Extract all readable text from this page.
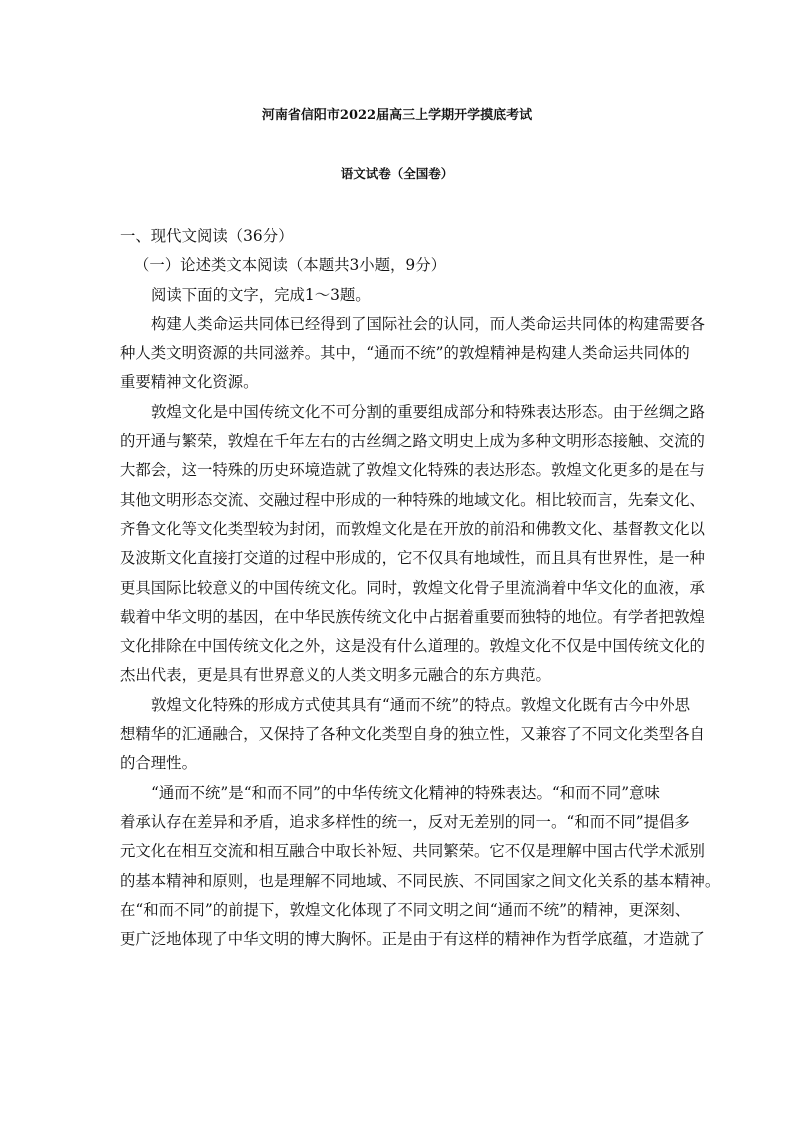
河南省信阳市2022届高三上学期开学摸底考试
语文试卷（全国卷）
一、现代文阅读（36分）
（一）论述类文本阅读（本题共3小题，9分）
阅读下面的文字，完成1～3题。
构建人类命运共同体已经得到了国际社会的认同，而人类命运共同体的构建需要各
种人类文明资源的共同滋养。其中，“通而不统”的敦煌精神是构建人类命运共同体的
重要精神文化资源。
敦煌文化是中国传统文化不可分割的重要组成部分和特殊表达形态。由于丝绸之路
的开通与繁荣，敦煌在千年左右的古丝绸之路文明史上成为多种文明形态接触、交流的
大都会，这一特殊的历史环境造就了敦煌文化特殊的表达形态。敦煌文化更多的是在与
其他文明形态交流、交融过程中形成的一种特殊的地域文化。相比较而言，先秦文化、
齐鲁文化等文化类型较为封闭，而敦煌文化是在开放的前沿和佛教文化、基督教文化以
及波斯文化直接打交道的过程中形成的，它不仅具有地域性，而且具有世界性，是一种
更具国际比较意义的中国传统文化。同时，敦煌文化骨子里流淌着中华文化的血液，承
载着中华文明的基因，在中华民族传统文化中占据着重要而独特的地位。有学者把敦煌
文化排除在中国传统文化之外，这是没有什么道理的。敦煌文化不仅是中国传统文化的
杰出代表，更是具有世界意义的人类文明多元融合的东方典范。
敦煌文化特殊的形成方式使其具有“通而不统”的特点。敦煌文化既有古今中外思
想精华的汇通融合，又保持了各种文化类型自身的独立性，又兼容了不同文化类型各自
的合理性。
“通而不统”是“和而不同”的中华传统文化精神的特殊表达。“和而不同”意味
着承认存在差异和矛盾，追求多样性的统一，反对无差别的同一。“和而不同”提倡多
元文化在相互交流和相互融合中取长补短、共同繁荣。它不仅是理解中国古代学术派别
的基本精神和原则，也是理解不同地域、不同民族、不同国家之间文化关系的基本精神。
在“和而不同”的前提下，敦煌文化体现了不同文明之间“通而不统”的精神，更深刻、
更广泛地体现了中华文明的博大胸怀。正是由于有这样的精神作为哲学底蕴，才造就了
